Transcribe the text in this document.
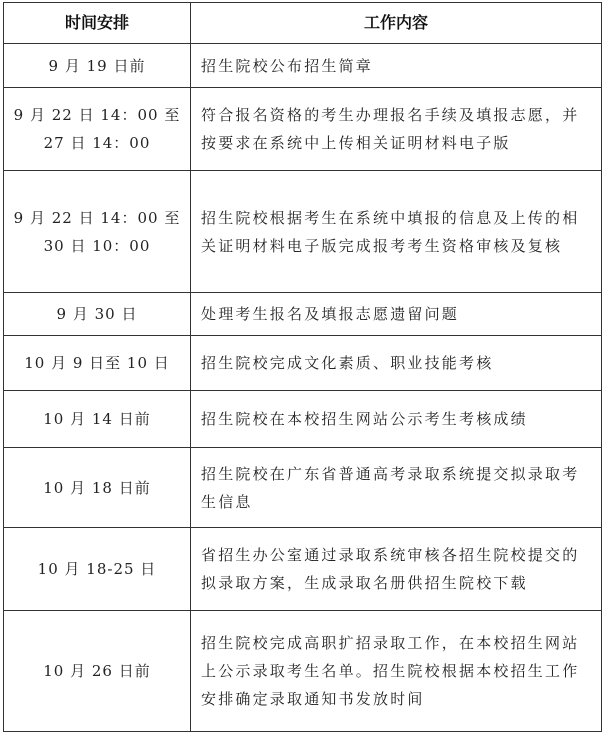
时间安排	工作内容

9 月 19 日前	招生院校公布招生简章

9 月 22 日 14：00 至
27 日 14：00	符合报名资格的考生办理报名手续及填报志愿，并按要求在系统中上传相关证明材料电子版

9 月 22 日 14：00 至
30 日 10：00	招生院校根据考生在系统中填报的信息及上传的相关证明材料电子版完成报考考生资格审核及复核

9 月 30 日	处理考生报名及填报志愿遗留问题

10 月 9 日至 10 日	招生院校完成文化素质、职业技能考核

10 月 14 日前	招生院校在本校招生网站公示考生考核成绩

10 月 18 日前	招生院校在广东省普通高考录取系统提交拟录取考生信息

10 月 18-25 日	省招生办公室通过录取系统审核各招生院校提交的拟录取方案，生成录取名册供招生院校下载

10 月 26 日前	招生院校完成高职扩招录取工作，在本校招生网站上公示录取考生名单。招生院校根据本校招生工作安排确定录取通知书发放时间
